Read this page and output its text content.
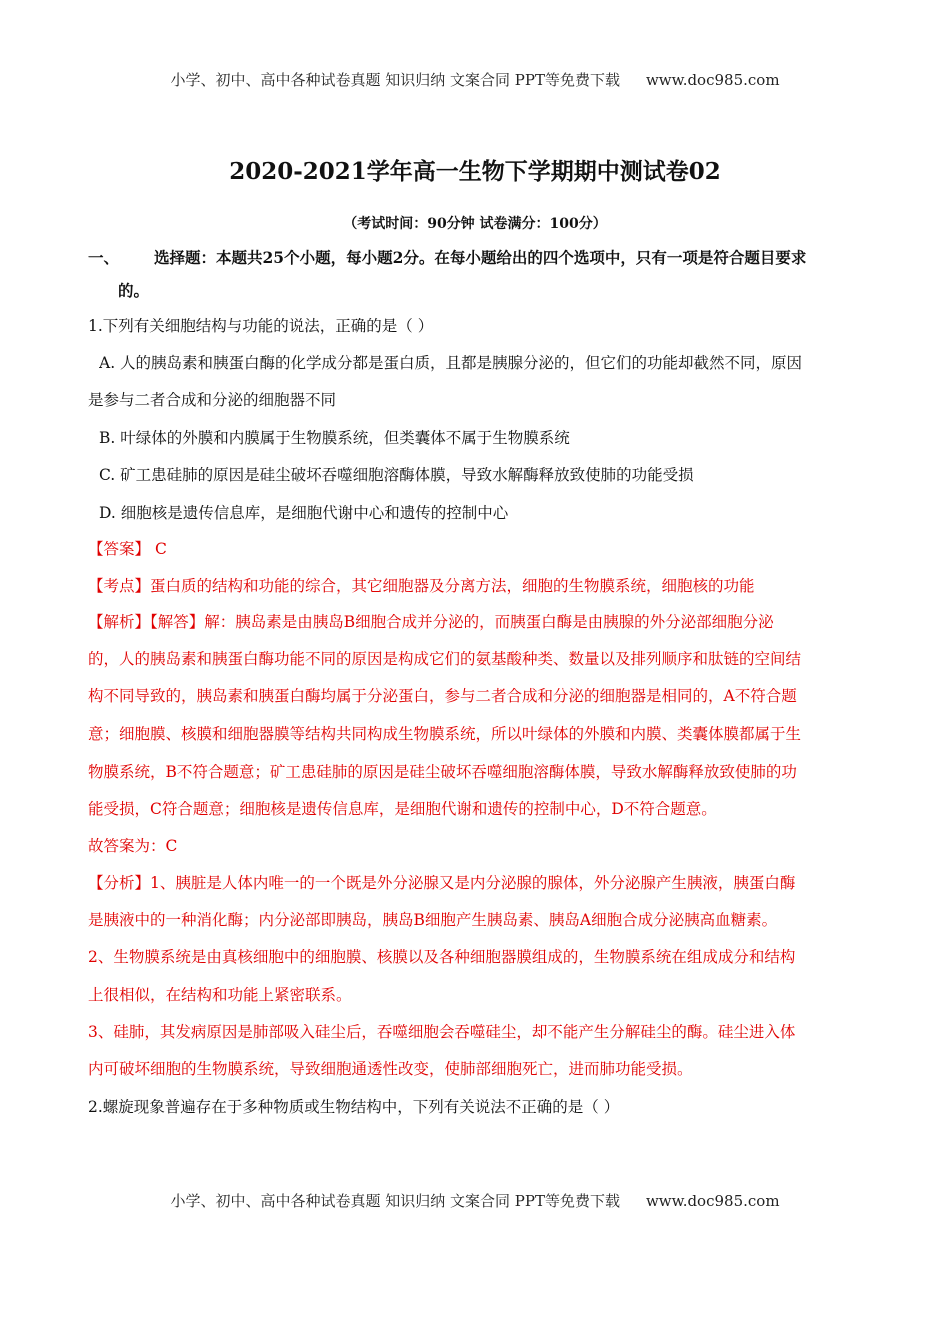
小学、初中、高中各种试卷真题 知识归纳 文案合同 PPT等免费下载 www.doc985.com
2020-2021学年高一生物下学期期中测试卷02
（考试时间：90分钟 试卷满分：100分）
一、 选择题：本题共25个小题，每小题2分。在每小题给出的四个选项中，只有一项是符合题目要求
的。
1.下列有关细胞结构与功能的说法，正确的是（ ）
A. 人的胰岛素和胰蛋白酶的化学成分都是蛋白质，且都是胰腺分泌的，但它们的功能却截然不同，原因
是参与二者合成和分泌的细胞器不同
B. 叶绿体的外膜和内膜属于生物膜系统，但类囊体不属于生物膜系统
C. 矿工患硅肺的原因是硅尘破坏吞噬细胞溶酶体膜，导致水解酶释放致使肺的功能受损
D. 细胞核是遗传信息库，是细胞代谢中心和遗传的控制中心
【答案】 C
【考点】蛋白质的结构和功能的综合，其它细胞器及分离方法，细胞的生物膜系统，细胞核的功能
【解析】【解答】解：胰岛素是由胰岛B细胞合成并分泌的，而胰蛋白酶是由胰腺的外分泌部细胞分泌
的，人的胰岛素和胰蛋白酶功能不同的原因是构成它们的氨基酸种类、数量以及排列顺序和肽链的空间结
构不同导致的，胰岛素和胰蛋白酶均属于分泌蛋白，参与二者合成和分泌的细胞器是相同的，A不符合题
意；细胞膜、核膜和细胞器膜等结构共同构成生物膜系统，所以叶绿体的外膜和内膜、类囊体膜都属于生
物膜系统，B不符合题意；矿工患硅肺的原因是硅尘破坏吞噬细胞溶酶体膜，导致水解酶释放致使肺的功
能受损，C符合题意；细胞核是遗传信息库，是细胞代谢和遗传的控制中心，D不符合题意。
故答案为：C
【分析】1、胰脏是人体内唯一的一个既是外分泌腺又是内分泌腺的腺体，外分泌腺产生胰液，胰蛋白酶
是胰液中的一种消化酶；内分泌部即胰岛，胰岛B细胞产生胰岛素、胰岛A细胞合成分泌胰高血糖素。
2、生物膜系统是由真核细胞中的细胞膜、核膜以及各种细胞器膜组成的，生物膜系统在组成成分和结构
上很相似，在结构和功能上紧密联系。
3、硅肺，其发病原因是肺部吸入硅尘后，吞噬细胞会吞噬硅尘，却不能产生分解硅尘的酶。硅尘进入体
内可破坏细胞的生物膜系统，导致细胞通透性改变，使肺部细胞死亡，进而肺功能受损。
2.螺旋现象普遍存在于多种物质或生物结构中，下列有关说法不正确的是（ ）
小学、初中、高中各种试卷真题 知识归纳 文案合同 PPT等免费下载 www.doc985.com
